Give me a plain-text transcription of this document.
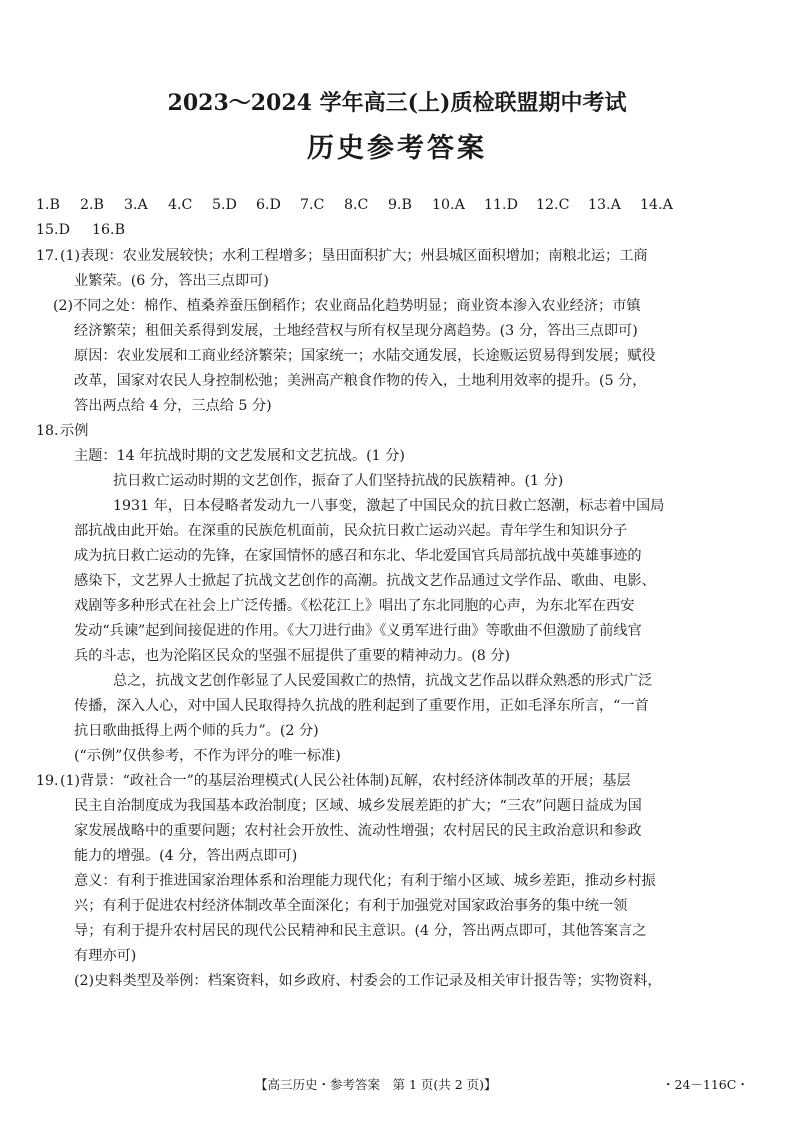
2023～2024 学年高三(上)质检联盟期中考试
历史参考答案
1.B 2.B 3.A 4.C 5.D 6.D 7.C 8.C 9.B 10.A 11.D 12.C 13.A 14.A
15.D 16.B
17. (1)表现：农业发展较快；水利工程增多；垦田面积扩大；州县城区面积增加；南粮北运；工商
业繁荣。(6 分，答出三点即可)
(2)不同之处：棉作、植桑养蚕压倒稻作；农业商品化趋势明显；商业资本渗入农业经济；市镇
经济繁荣；租佃关系得到发展，土地经营权与所有权呈现分离趋势。(3 分，答出三点即可)
原因：农业发展和工商业经济繁荣；国家统一；水陆交通发展，长途贩运贸易得到发展；赋役
改革，国家对农民人身控制松弛；美洲高产粮食作物的传入，土地利用效率的提升。(5 分，
答出两点给 4 分，三点给 5 分)
18. 示例
主题：14 年抗战时期的文艺发展和文艺抗战。(1 分)
抗日救亡运动时期的文艺创作，振奋了人们坚持抗战的民族精神。(1 分)
1931 年，日本侵略者发动九一八事变，激起了中国民众的抗日救亡怒潮，标志着中国局
部抗战由此开始。在深重的民族危机面前，民众抗日救亡运动兴起。青年学生和知识分子
成为抗日救亡运动的先锋，在家国情怀的感召和东北、华北爱国官兵局部抗战中英雄事迹的
感染下，文艺界人士掀起了抗战文艺创作的高潮。抗战文艺作品通过文学作品、歌曲、电影、
戏剧等多种形式在社会上广泛传播。《松花江上》唱出了东北同胞的心声，为东北军在西安
发动“兵谏”起到间接促进的作用。《大刀进行曲》《义勇军进行曲》等歌曲不但激励了前线官
兵的斗志，也为沦陷区民众的坚强不屈提供了重要的精神动力。(8 分)
总之，抗战文艺创作彰显了人民爱国救亡的热情，抗战文艺作品以群众熟悉的形式广泛
传播，深入人心，对中国人民取得持久抗战的胜利起到了重要作用，正如毛泽东所言，“一首
抗日歌曲抵得上两个师的兵力”。(2 分)
(“示例”仅供参考，不作为评分的唯一标准)
19. (1)背景：“政社合一”的基层治理模式(人民公社体制)瓦解，农村经济体制改革的开展；基层
民主自治制度成为我国基本政治制度；区域、城乡发展差距的扩大；“三农”问题日益成为国
家发展战略中的重要问题；农村社会开放性、流动性增强；农村居民的民主政治意识和参政
能力的增强。(4 分，答出两点即可)
意义：有利于推进国家治理体系和治理能力现代化；有利于缩小区域、城乡差距，推动乡村振
兴；有利于促进农村经济体制改革全面深化；有利于加强党对国家政治事务的集中统一领
导；有利于提升农村居民的现代公民精神和民主意识。(4 分，答出两点即可，其他答案言之
有理亦可)
(2)史料类型及举例：档案资料，如乡政府、村委会的工作记录及相关审计报告等；实物资料，
【高三历史・参考答案　第 1 页(共 2 页)】	・24－116C・
